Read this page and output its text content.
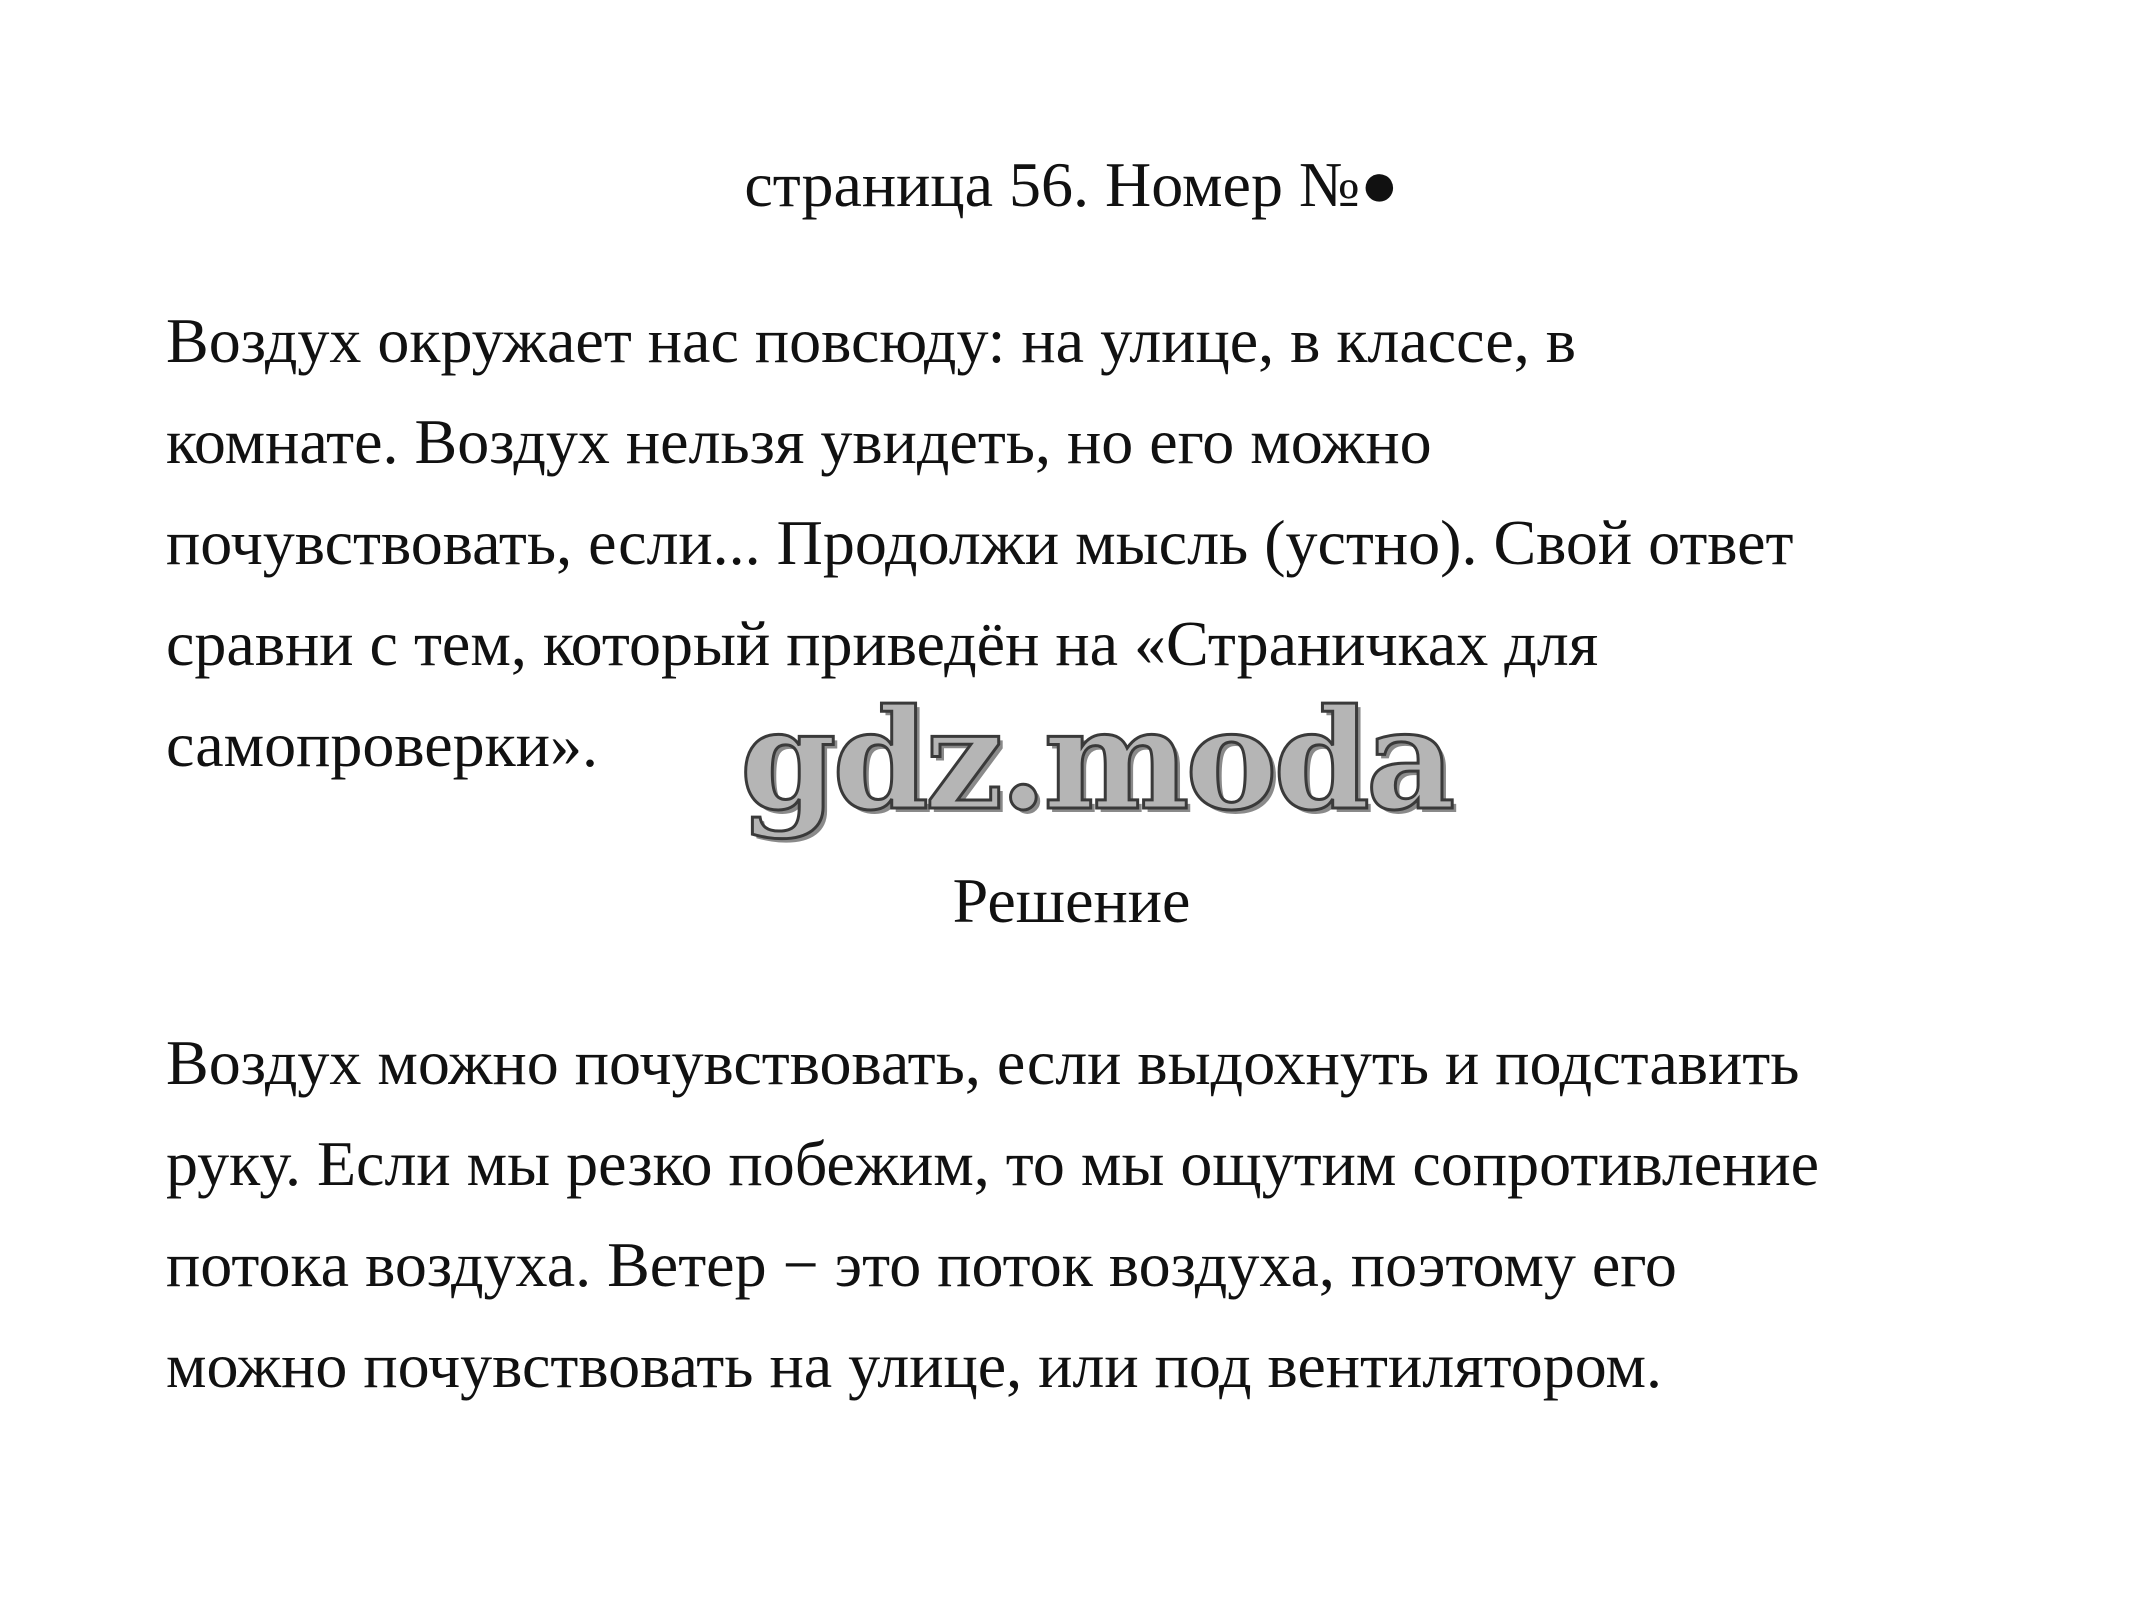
страница 56. Номер №●

Воздух окружает нас повсюду: на улице, в классе, в

комнате. Воздух нельзя увидеть, но его можно

почувствовать, если... Продолжи мысль (устно). Свой ответ

сравни с тем, который приведён на «Страничках для

самопроверки».	gdz.moda
Решение

Воздух можно почувствовать, если выдохнуть и подставить

руку. Если мы резко побежим, то мы ощутим сопротивление

потока воздуха. Ветер − это поток воздуха, поэтому его

можно почувствовать на улице, или под вентилятором.
